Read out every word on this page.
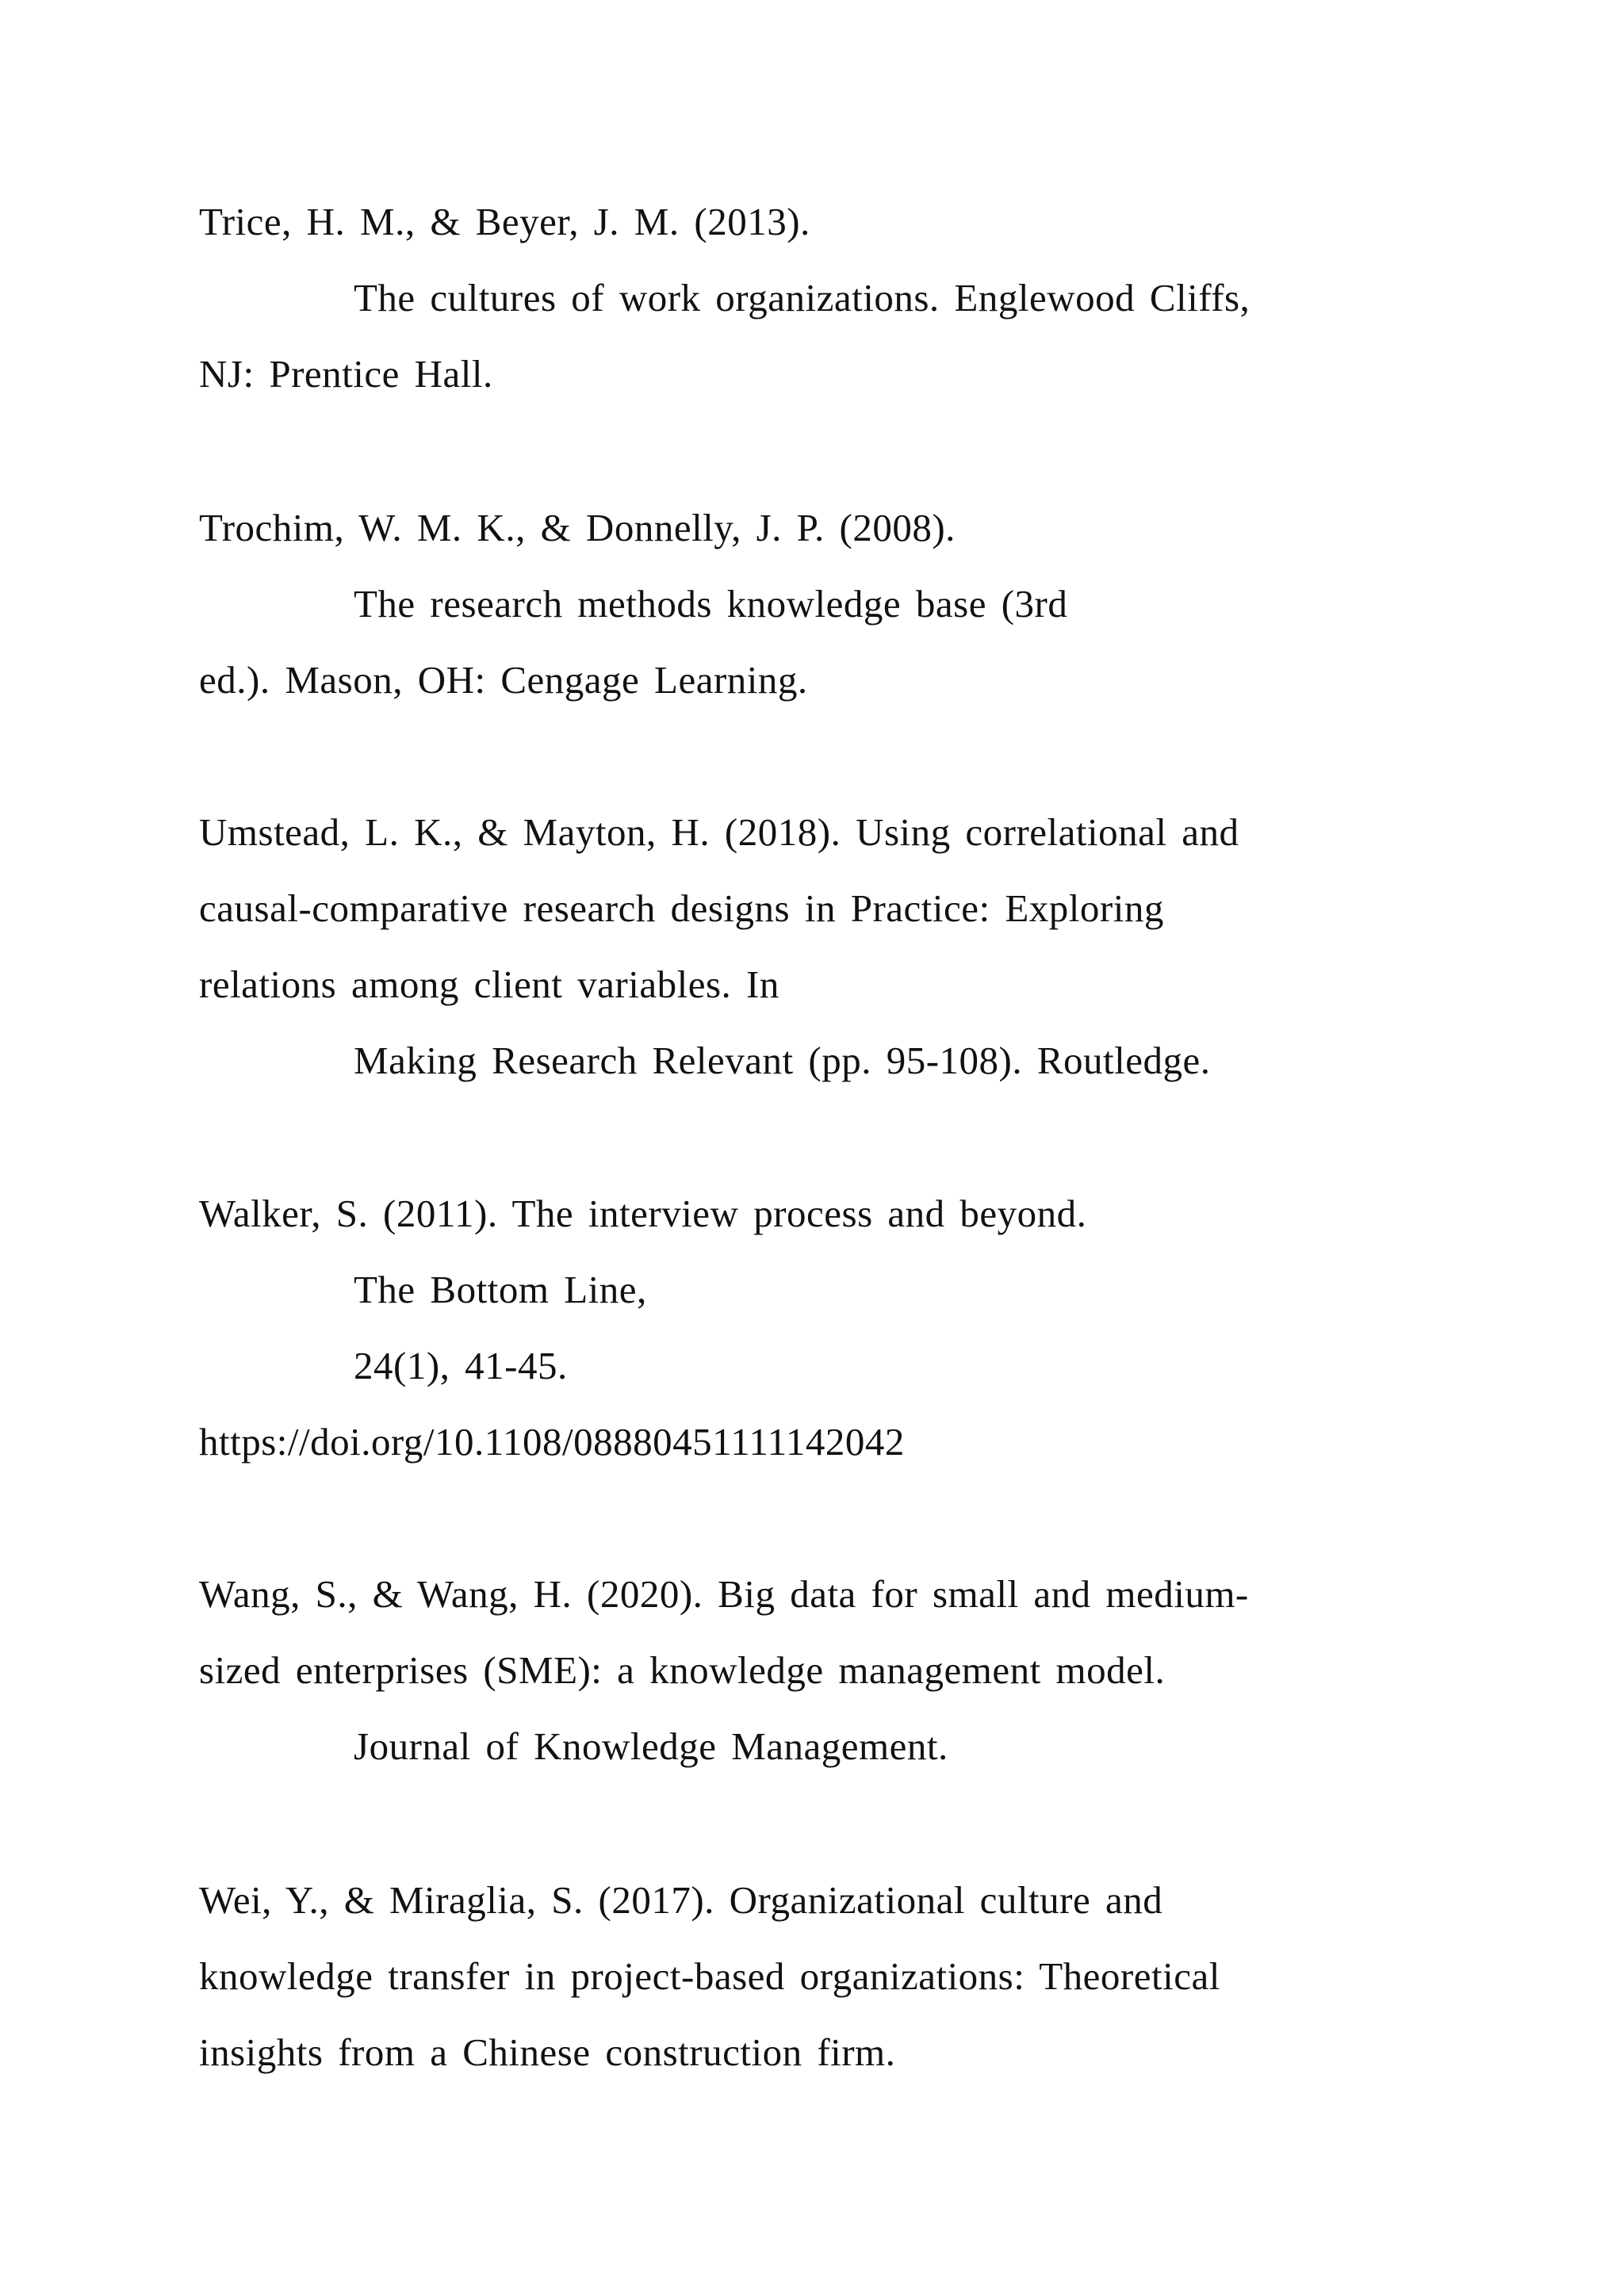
Trice, H. M., & Beyer, J. M. (2013).
The cultures of work organizations. Englewood Cliffs,
NJ: Prentice Hall.
Trochim, W. M. K., & Donnelly, J. P. (2008).
The research methods knowledge base (3rd
ed.). Mason, OH: Cengage Learning.
Umstead, L. K., & Mayton, H. (2018). Using correlational and
causal-comparative research designs in Practice: Exploring
relations among client variables. In
Making Research Relevant (pp. 95-108). Routledge.
Walker, S. (2011). The interview process and beyond.
The Bottom Line,
24(1), 41-45.
https://doi.org/10.1108/08880451111142042
Wang, S., & Wang, H. (2020). Big data for small and medium-
sized enterprises (SME): a knowledge management model.
Journal of Knowledge Management.
Wei, Y., & Miraglia, S. (2017). Organizational culture and
knowledge transfer in project-based organizations: Theoretical
insights from a Chinese construction firm.
